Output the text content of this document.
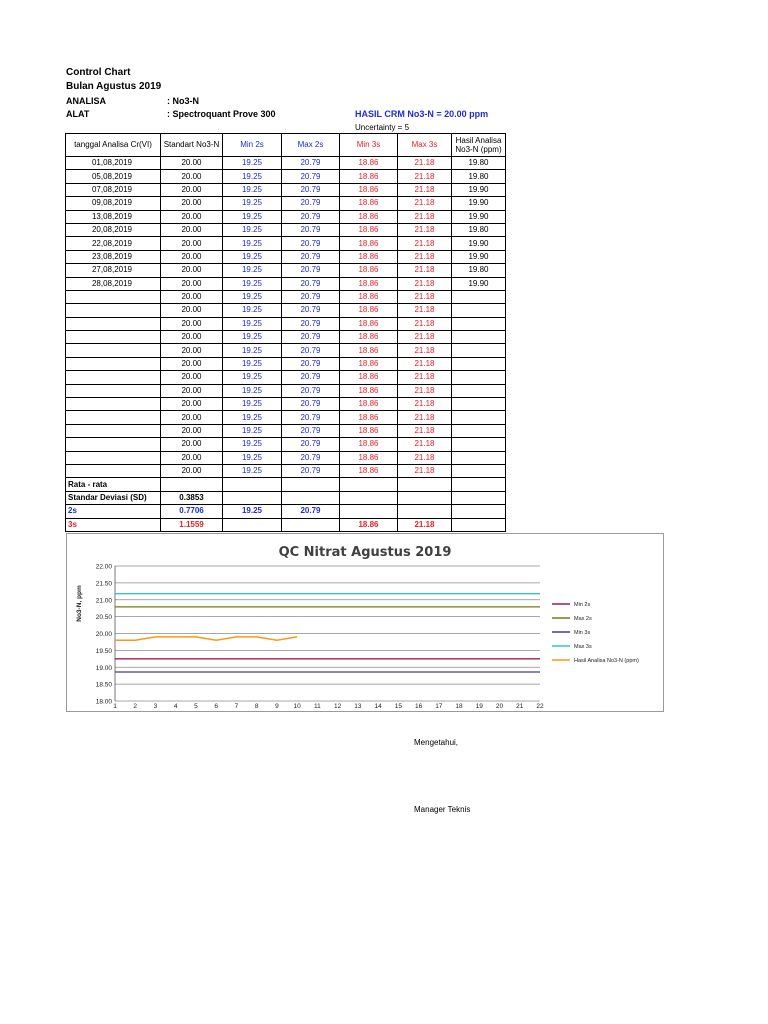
Control Chart
Bulan Agustus 2019
ANALISA	: No3-N
ALAT	: Spectroquant Prove 300	HASIL CRM No3-N = 20.00 ppm
Uncertainty = 5
tanggal Analisa Cr(VI)	Standart No3-N	Min 2s	Max 2s	Min 3s	Max 3s	Hasil Analisa No3-N (ppm)
01,08,2019	20.00	19.25	20.79	18.86	21.18	19.80
05,08,2019	20.00	19.25	20.79	18.86	21.18	19.80
07,08,2019	20.00	19.25	20.79	18.86	21.18	19.90
09,08,2019	20.00	19.25	20.79	18.86	21.18	19.90
13,08,2019	20.00	19.25	20.79	18.86	21.18	19.90
20,08,2019	20.00	19.25	20.79	18.86	21.18	19.80
22,08,2019	20.00	19.25	20.79	18.86	21.18	19.90
23,08,2019	20.00	19.25	20.79	18.86	21.18	19.90
27,08,2019	20.00	19.25	20.79	18.86	21.18	19.80
28,08,2019	20.00	19.25	20.79	18.86	21.18	19.90
	20.00	19.25	20.79	18.86	21.18	
	20.00	19.25	20.79	18.86	21.18	
	20.00	19.25	20.79	18.86	21.18	
	20.00	19.25	20.79	18.86	21.18	
	20.00	19.25	20.79	18.86	21.18	
	20.00	19.25	20.79	18.86	21.18	
	20.00	19.25	20.79	18.86	21.18	
	20.00	19.25	20.79	18.86	21.18	
	20.00	19.25	20.79	18.86	21.18	
	20.00	19.25	20.79	18.86	21.18	
	20.00	19.25	20.79	18.86	21.18	
	20.00	19.25	20.79	18.86	21.18	
	20.00	19.25	20.79	18.86	21.18	
	20.00	19.25	20.79	18.86	21.18	
Rata - rata						
Standar Deviasi (SD)	0.3853					
2s	0.7706	19.25	20.79			
3s	1.1559			18.86	21.18	
QC Nitrat Agustus 2019
18.00
18.50
19.00
19.50
20.00
20.50
21.00
21.50
22.00
1	2	3	4	5	6	7	8	9 10 11 12 13 14 15 16 17 18 19 20 21 22
No3-N, ppm	Min 2s
Max 2s
Min 3s
Max 3s
Hasil Analisa No3-N (ppm)
Mengetahui,
Manager Teknis
